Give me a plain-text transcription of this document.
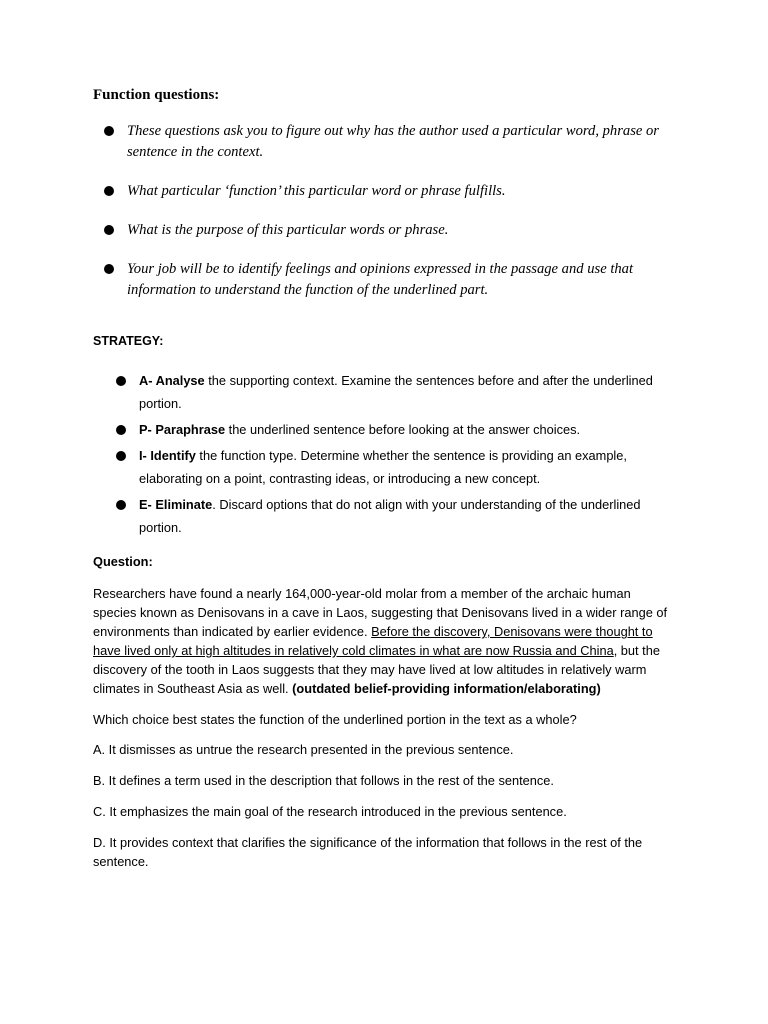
Function questions:
These questions ask you to figure out why has the author used a particular word, phrase or sentence in the context.
What particular ‘function’ this particular word or phrase fulfills.
What is the purpose of this particular words or phrase.
Your job will be to identify feelings and opinions expressed in the passage and use that information to understand the function of the underlined part.
STRATEGY:
A- Analyse the supporting context. Examine the sentences before and after the underlined portion.
P- Paraphrase the underlined sentence before looking at the answer choices.
I- Identify the function type. Determine whether the sentence is providing an example, elaborating on a point, contrasting ideas, or introducing a new concept.
E- Eliminate. Discard options that do not align with your understanding of the underlined portion.
Question:

Researchers have found a nearly 164,000-year-old molar from a member of the archaic human species known as Denisovans in a cave in Laos, suggesting that Denisovans lived in a wider range of environments than indicated by earlier evidence. Before the discovery, Denisovans were thought to have lived only at high altitudes in relatively cold climates in what are now Russia and China, but the discovery of the tooth in Laos suggests that they may have lived at low altitudes in relatively warm climates in Southeast Asia as well. (outdated belief-providing information/elaborating)

Which choice best states the function of the underlined portion in the text as a whole?

A. It dismisses as untrue the research presented in the previous sentence.

B. It defines a term used in the description that follows in the rest of the sentence.

C. It emphasizes the main goal of the research introduced in the previous sentence.

D. It provides context that clarifies the significance of the information that follows in the rest of the sentence.
